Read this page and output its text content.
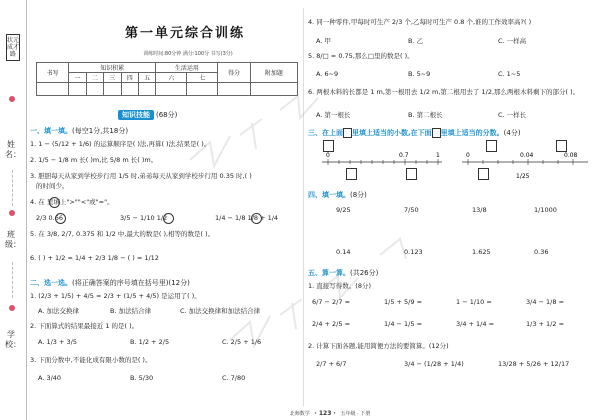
状元成才路
姓名：
班级：
学校：
第一单元综合训练
训练时间:80分钟 满分:100分 书写(3分)
书写	知识积累					生活运用		得分	附加题
	一	二	三	四	五	六	七		

知识技能 (68分)
一、填一填。(每空1分,共18分)
1. 1 − (5/12 + 1/6) 的运算顺序是( )法,再算( )法,结果是( )。
2. 1/5 − 1/8 m 长( )m,比 5/8 m 长( )m。
3. 胆胆每天从家到学校步行用 1/5 时,弟弟每天从家到学校步行用 0.35 时,( )
的时间少。
4. 在 里填上">""<"或"="。
2/3 0.66	3/5 − 1/10 1/2	1/4 − 1/8 1/8 + 1/4
5. 在 3/8, 2/7, 0.375 和 1/2 中,最大的数是( ),相等的数是( )。
6. ( ) + 1/2 = 1/4 + 2/3 1/8 − ( ) = 1/12
二、选一选。(将正确答案的序号填在括号里)(12分)
1. (2/3 + 1/5) + 4/5 = 2/3 + (1/5 + 4/5) 是运用了( )。
A. 加法交换律	B. 加法结合律	C. 加法交换律和加法结合律
2. 下面算式的结果最接近 1 的是( )。
A. 1/3 + 3/5	B. 1/2 + 2/5	C. 2/5 + 1/6
3. 下面分数中,不能化成有限小数的是( )。
A. 3/40	B. 5/30	C. 7/80
4. 同一种零件,甲每时可生产 2/3 个,乙每时可生产 0.8 个,谁的工作效率高?( )
A. 甲	B. 乙	C. 一样高
5. 8/□ = 0.75,那么□里的数是( )。
A. 6~9	B. 5~9	C. 1~5
6. 两根木料的长都是 1 m,第一根用去 1/2 m,第二根用去了 1/2,那么两根木料剩下的部分( )。
A. 第一根长	B. 第二根长	C. 一样长
三、在上面 里填上适当的小数,在下面 里填上适当的分数。(4分)
0	0.7	1	0	0.04	0.08
1/25
四、填一填。(8分)
9/25	7/50	13/8	1/1000
0.14	0.123	1.625	0.36
五、算一算。(共26分)
1. 直接写得数。(8分)
6/7 − 2/7 =	1/5 + 5/9 =	1 − 1/10 =	3/4 − 1/8 =
2/4 + 2/5 =	1/4 − 1/5 =	3/4 + 1/4 =	1/3 + 1/2 =
2. 计算下面各题,能用简便方法的要简算。(12分)
2/7 + 6/7	3/4 − (1/28 + 1/4)	13/28 + 5/26 + 12/17
北师数学 · 123 · 五年级 · 下册
